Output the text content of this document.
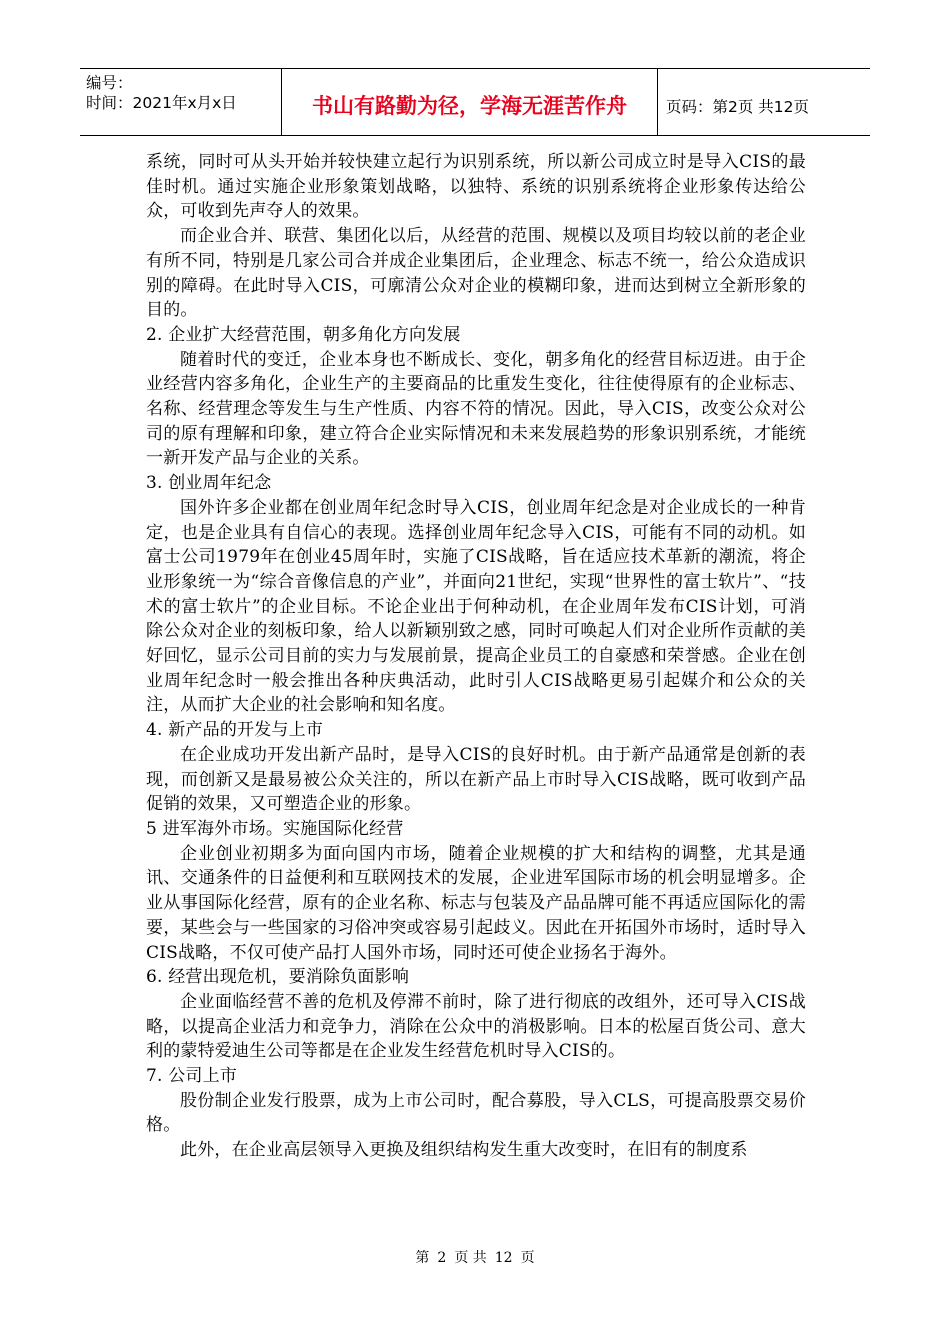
编号：
时间：2021年x月x日	书山有路勤为径，学海无涯苦作舟	页码：第2页 共12页

系统，同时可从头开始并较快建立起行为识别系统，所以新公司成立时是导入CIS的最佳时机。通过实施企业形象策划战略，以独特、系统的识别系统将企业形象传达给公众，可收到先声夺人的效果。

而企业合并、联营、集团化以后，从经营的范围、规模以及项目均较以前的老企业有所不同，特别是几家公司合并成企业集团后，企业理念、标志不统一，给公众造成识别的障碍。在此时导入CIS，可廓清公众对企业的模糊印象，进而达到树立全新形象的目的。

2. 企业扩大经营范围，朝多角化方向发展

随着时代的变迁，企业本身也不断成长、变化，朝多角化的经营目标迈进。由于企业经营内容多角化，企业生产的主要商品的比重发生变化，往往使得原有的企业标志、名称、经营理念等发生与生产性质、内容不符的情况。因此，导入CIS，改变公众对公司的原有理解和印象，建立符合企业实际情况和未来发展趋势的形象识别系统，才能统一新开发产品与企业的关系。

3. 创业周年纪念

国外许多企业都在创业周年纪念时导入CIS，创业周年纪念是对企业成长的一种肯定，也是企业具有自信心的表现。选择创业周年纪念导入CIS，可能有不同的动机。如富士公司1979年在创业45周年时，实施了CIS战略，旨在适应技术革新的潮流，将企业形象统一为“综合音像信息的产业”，并面向21世纪，实现“世界性的富士软片”、“技术的富士软片”的企业目标。不论企业出于何种动机，在企业周年发布CIS计划，可消除公众对企业的刻板印象，给人以新颖别致之感，同时可唤起人们对企业所作贡献的美好回忆，显示公司目前的实力与发展前景，提高企业员工的自豪感和荣誉感。企业在创业周年纪念时一般会推出各种庆典活动，此时引人CIS战略更易引起媒介和公众的关注，从而扩大企业的社会影响和知名度。

4. 新产品的开发与上市

在企业成功开发出新产品时，是导入CIS的良好时机。由于新产品通常是创新的表现，而创新又是最易被公众关注的，所以在新产品上市时导入CIS战略，既可收到产品促销的效果，又可塑造企业的形象。

5 进军海外市场。实施国际化经营

企业创业初期多为面向国内市场，随着企业规模的扩大和结构的调整，尤其是通讯、交通条件的日益便利和互联网技术的发展，企业进军国际市场的机会明显增多。企业从事国际化经营，原有的企业名称、标志与包装及产品品牌可能不再适应国际化的需要，某些会与一些国家的习俗冲突或容易引起歧义。因此在开拓国外市场时，适时导入CIS战略，不仅可使产品打人国外市场，同时还可使企业扬名于海外。

6. 经营出现危机，要消除负面影响

企业面临经营不善的危机及停滞不前时，除了进行彻底的改组外，还可导入CIS战略，以提高企业活力和竞争力，消除在公众中的消极影响。日本的松屋百货公司、意大利的蒙特爱迪生公司等都是在企业发生经营危机时导入CIS的。

7. 公司上市

股份制企业发行股票，成为上市公司时，配合募股，导入CLS，可提高股票交易价格。

此外，在企业高层领导入更换及组织结构发生重大改变时，在旧有的制度系

第 2 页 共 12 页
